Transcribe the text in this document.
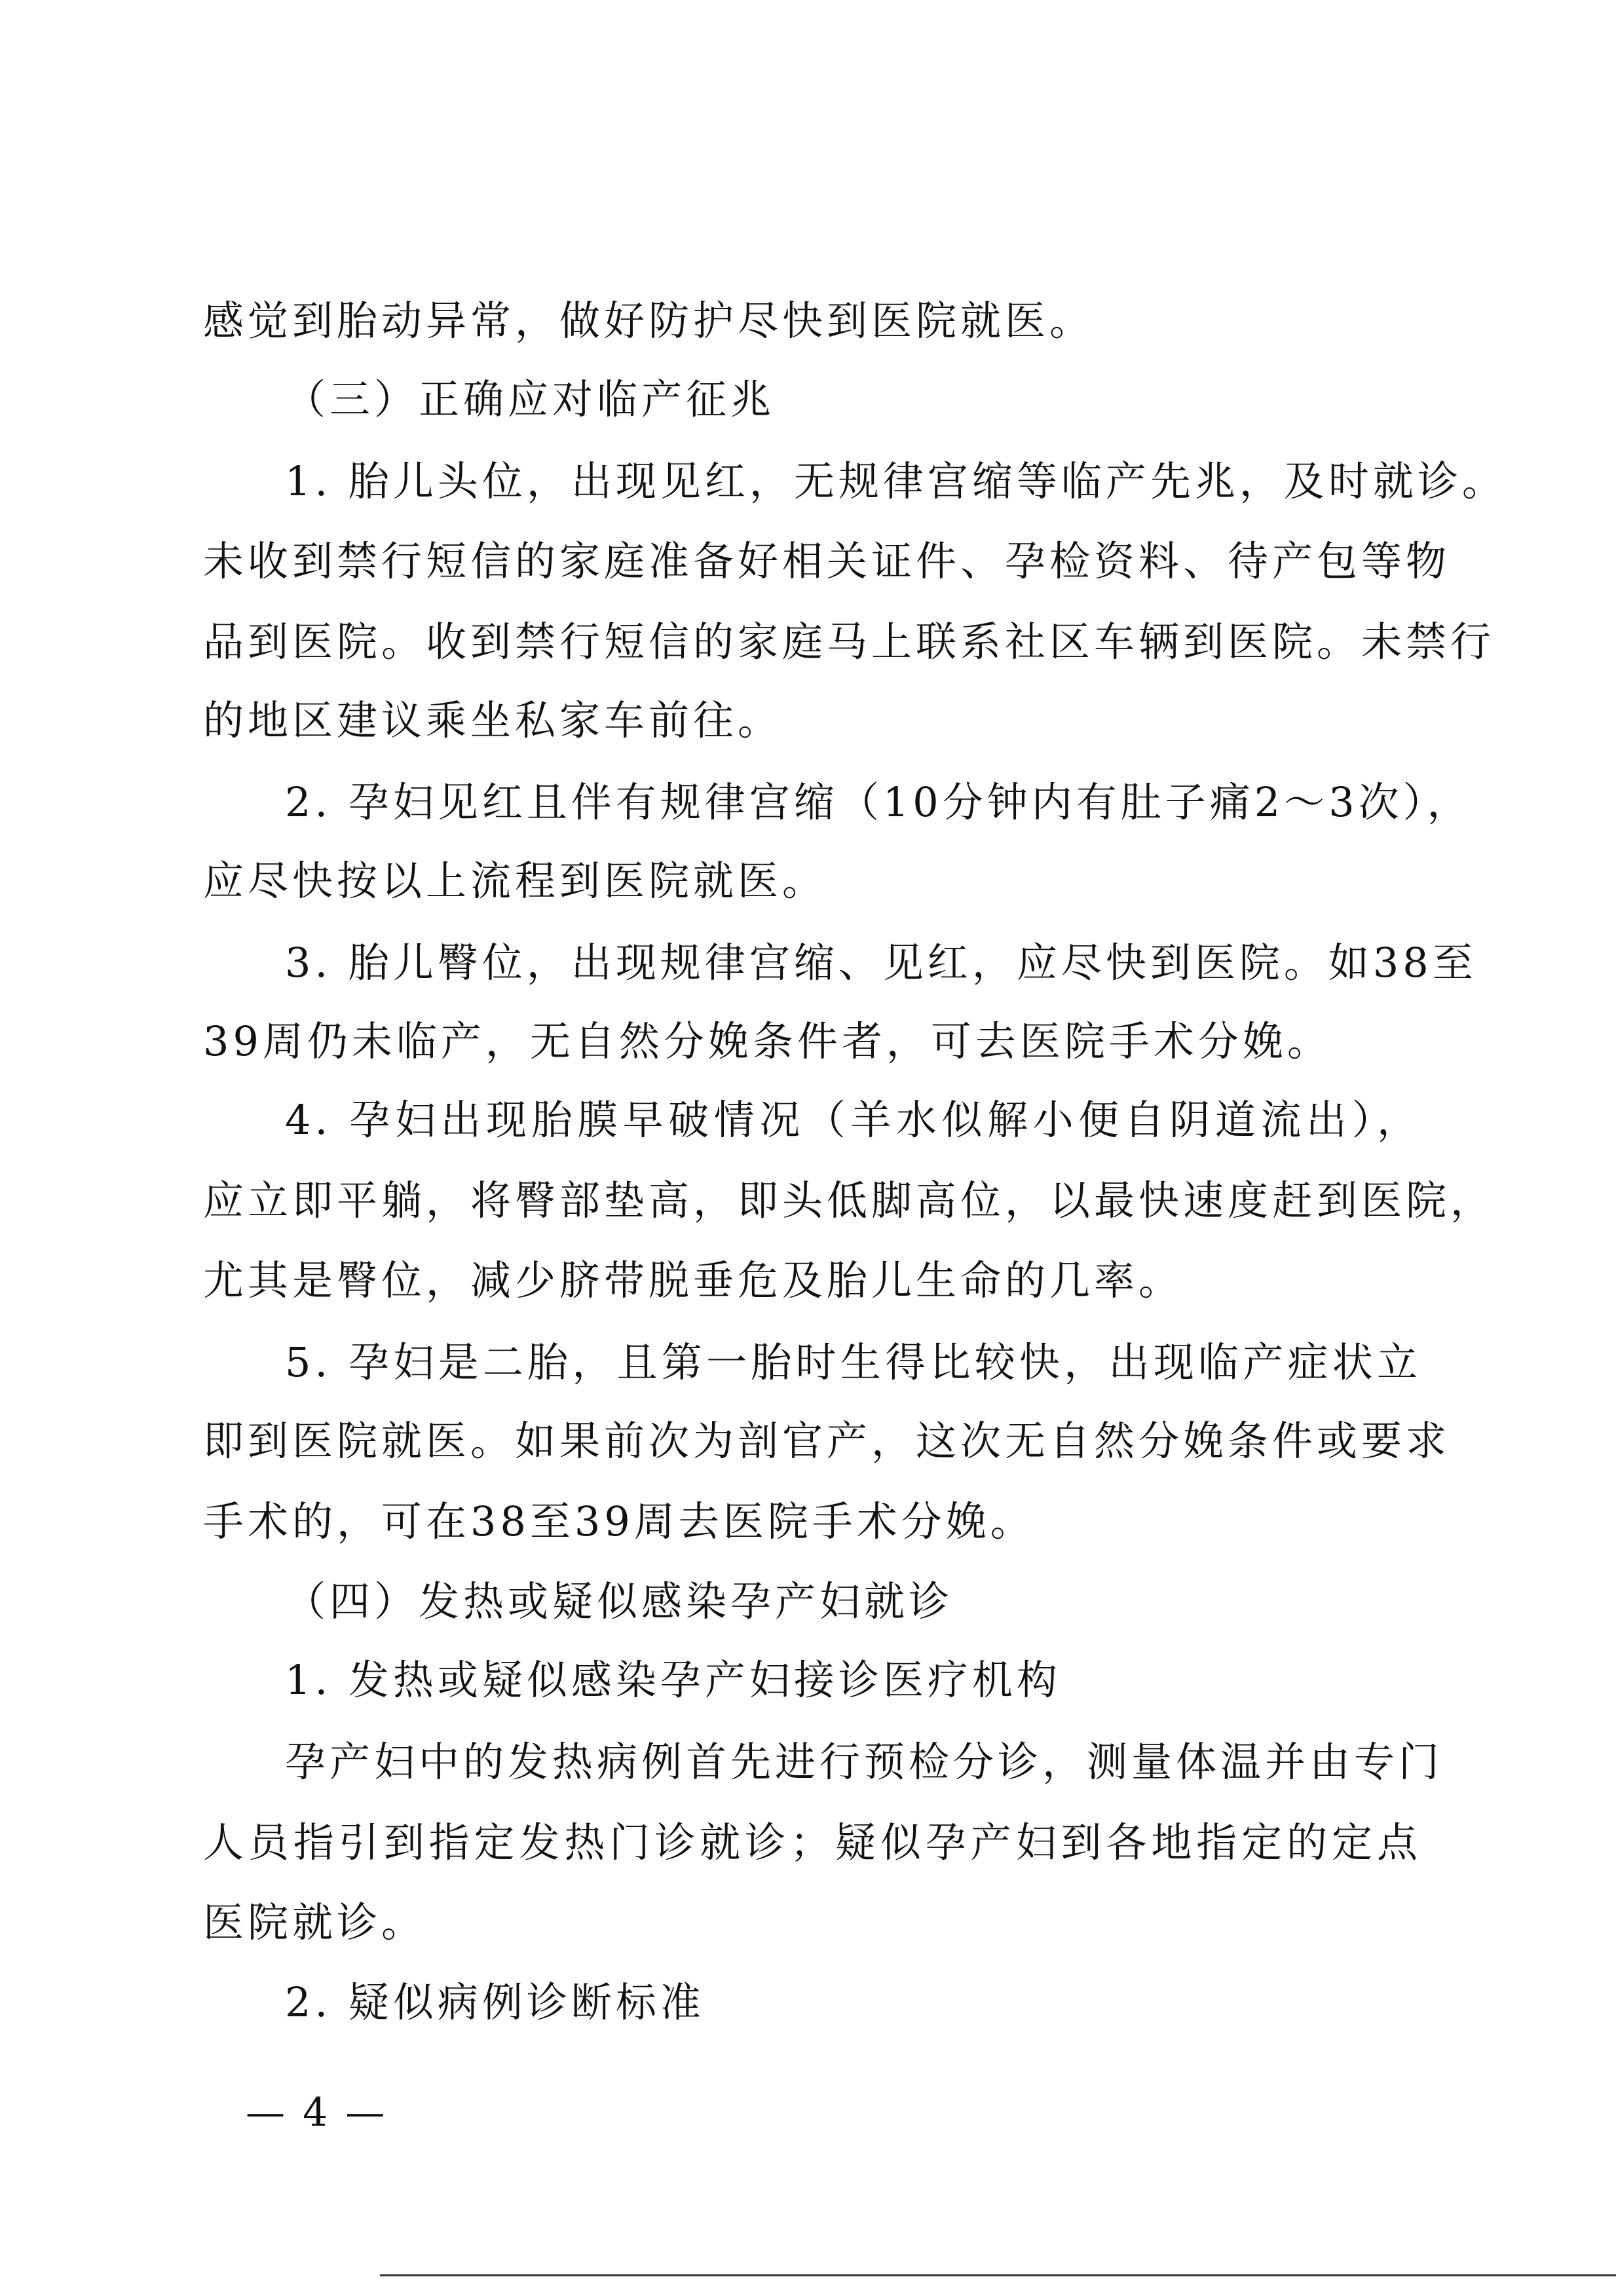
感觉到胎动异常，做好防护尽快到医院就医。
（三）正确应对临产征兆
1. 胎儿头位，出现见红，无规律宫缩等临产先兆，及时就诊。
未收到禁行短信的家庭准备好相关证件、孕检资料、待产包等物
品到医院。收到禁行短信的家庭马上联系社区车辆到医院。未禁行
的地区建议乘坐私家车前往。
2. 孕妇见红且伴有规律宫缩（10分钟内有肚子痛2～3次），
应尽快按以上流程到医院就医。
3. 胎儿臀位，出现规律宫缩、见红，应尽快到医院。如38至
39周仍未临产，无自然分娩条件者，可去医院手术分娩。
4. 孕妇出现胎膜早破情况（羊水似解小便自阴道流出），
应立即平躺，将臀部垫高，即头低脚高位，以最快速度赶到医院，
尤其是臀位，减少脐带脱垂危及胎儿生命的几率。
5. 孕妇是二胎，且第一胎时生得比较快，出现临产症状立
即到医院就医。如果前次为剖官产，这次无自然分娩条件或要求
手术的，可在38至39周去医院手术分娩。
（四）发热或疑似感染孕产妇就诊
1. 发热或疑似感染孕产妇接诊医疗机构
孕产妇中的发热病例首先进行预检分诊，测量体温并由专门
人员指引到指定发热门诊就诊；疑似孕产妇到各地指定的定点
医院就诊。
2. 疑似病例诊断标准
— 4 —
